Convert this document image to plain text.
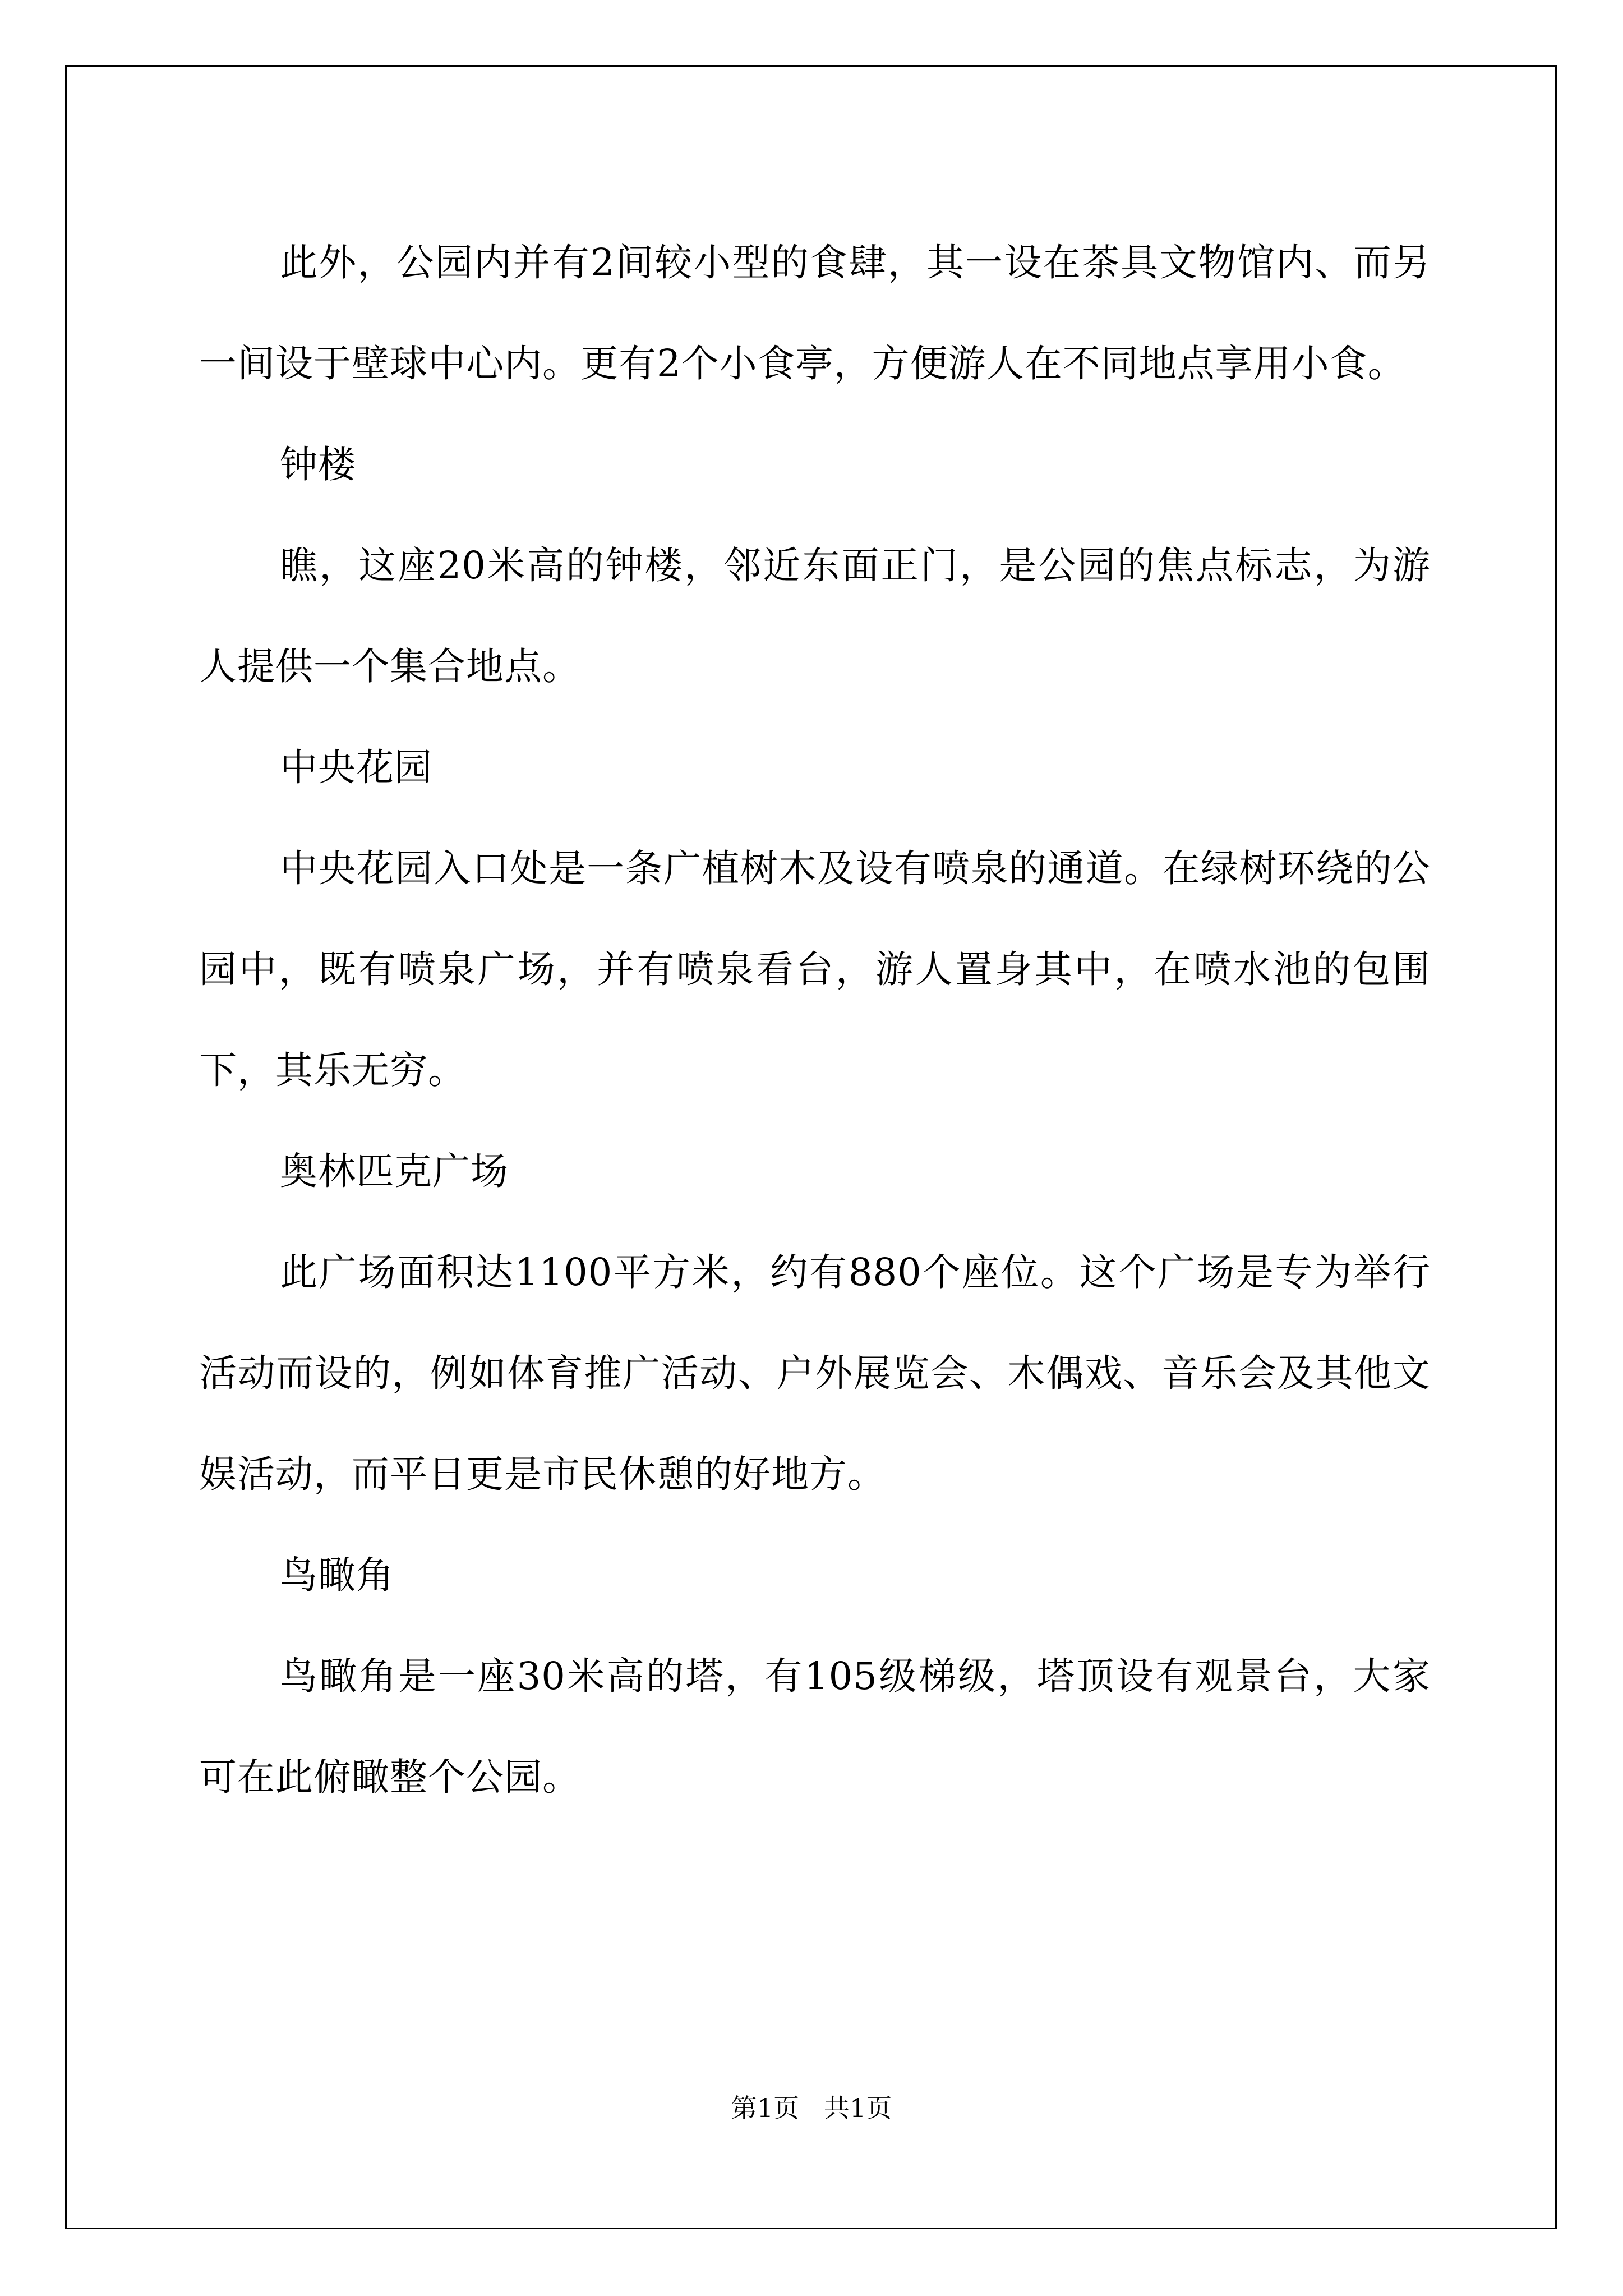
此外，公园内并有2间较小型的食肆，其一设在茶具文物馆内、而另一间设于壁球中心内。更有2个小食亭，方便游人在不同地点享用小食。

钟楼

瞧，这座20米高的钟楼，邻近东面正门，是公园的焦点标志，为游人提供一个集合地点。

中央花园

中央花园入口处是一条广植树木及设有喷泉的通道。在绿树环绕的公园中，既有喷泉广场，并有喷泉看台，游人置身其中，在喷水池的包围下，其乐无穷。

奥林匹克广场

此广场面积达1100平方米，约有880个座位。这个广场是专为举行活动而设的，例如体育推广活动、户外展览会、木偶戏、音乐会及其他文娱活动，而平日更是市民休憩的好地方。

鸟瞰角

鸟瞰角是一座30米高的塔，有105级梯级，塔顶设有观景台，大家可在此俯瞰整个公园。

第1页 共1页
